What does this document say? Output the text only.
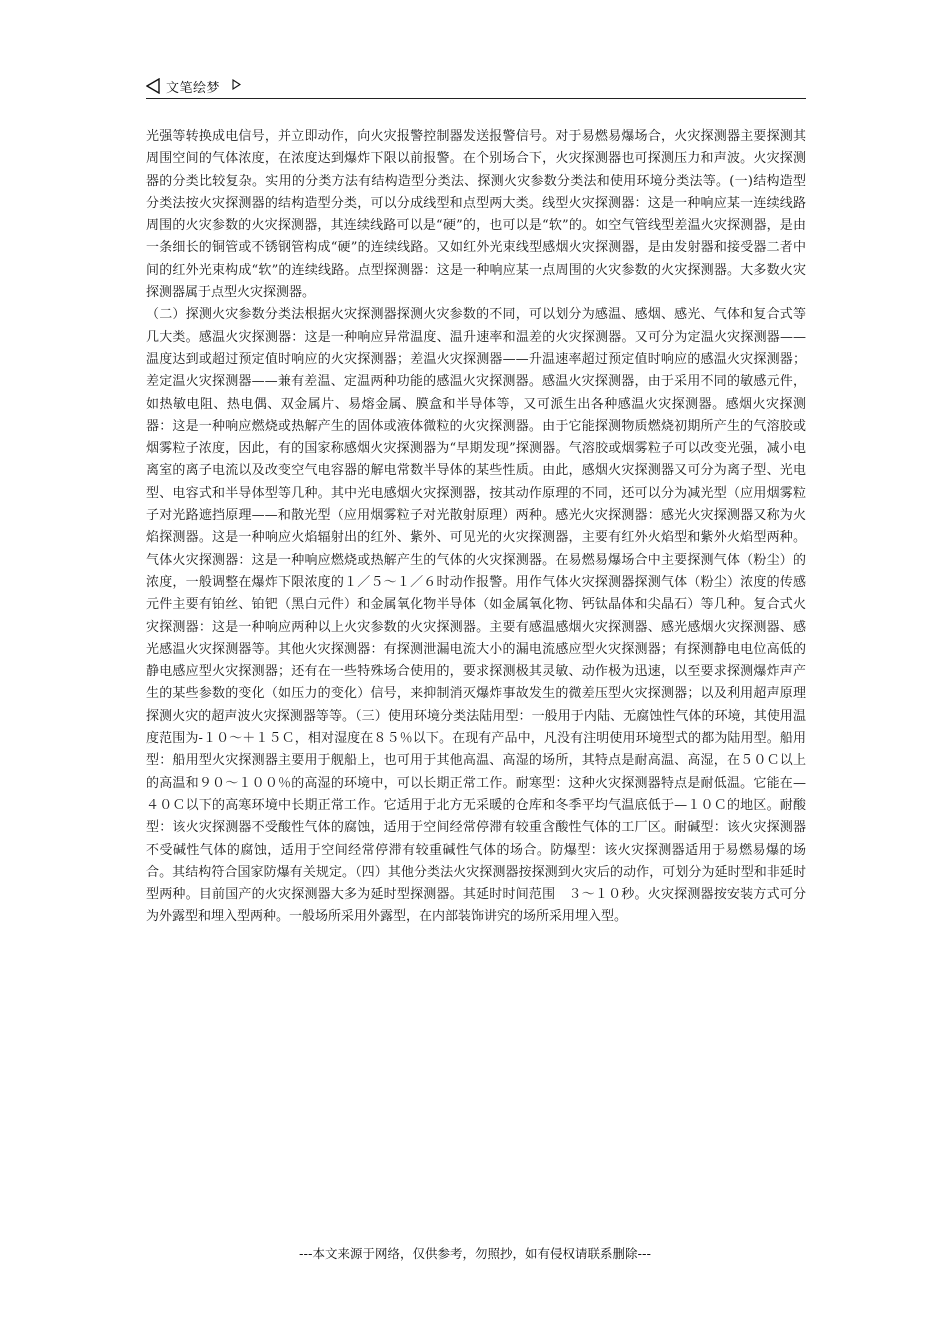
文笔绘梦

光强等转换成电信号，并立即动作，向火灾报警控制器发送报警信号。对于易燃易爆场合，火灾探测器主要探测其周围空间的气体浓度，在浓度达到爆炸下限以前报警。在个别场合下，火灾探测器也可探测压力和声波。火灾探测器的分类比较复杂。实用的分类方法有结构造型分类法、探测火灾参数分类法和使用环境分类法等。(一)结构造型分类法按火灾探测器的结构造型分类，可以分成线型和点型两大类。线型火灾探测器：这是一种响应某一连续线路周围的火灾参数的火灾探测器，其连续线路可以是“硬”的，也可以是“软”的。如空气管线型差温火灾探测器，是由一条细长的铜管或不锈钢管构成“硬”的连续线路。又如红外光束线型感烟火灾探测器，是由发射器和接受器二者中间的红外光束构成“软”的连续线路。点型探测器：这是一种响应某一点周围的火灾参数的火灾探测器。大多数火灾探测器属于点型火灾探测器。

（二）探测火灾参数分类法根据火灾探测器探测火灾参数的不同，可以划分为感温、感烟、感光、气体和复合式等几大类。感温火灾探测器：这是一种响应异常温度、温升速率和温差的火灾探测器。又可分为定温火灾探测器——温度达到或超过预定值时响应的火灾探测器；差温火灾探测器——升温速率超过预定值时响应的感温火灾探测器；差定温火灾探测器——兼有差温、定温两种功能的感温火灾探测器。感温火灾探测器，由于采用不同的敏感元件，如热敏电阻、热电偶、双金属片、易熔金属、膜盒和半导体等，又可派生出各种感温火灾探测器。感烟火灾探测器：这是一种响应燃烧或热解产生的固体或液体微粒的火灾探测器。由于它能探测物质燃烧初期所产生的气溶胶或烟雾粒子浓度，因此，有的国家称感烟火灾探测器为“早期发现”探测器。气溶胶或烟雾粒子可以改变光强，减小电离室的离子电流以及改变空气电容器的解电常数半导体的某些性质。由此，感烟火灾探测器又可分为离子型、光电型、电容式和半导体型等几种。其中光电感烟火灾探测器，按其动作原理的不同，还可以分为减光型（应用烟雾粒子对光路遮挡原理——和散光型（应用烟雾粒子对光散射原理）两种。感光火灾探测器：感光火灾探测器又称为火焰探测器。这是一种响应火焰辐射出的红外、紫外、可见光的火灾探测器，主要有红外火焰型和紫外火焰型两种。气体火灾探测器：这是一种响应燃烧或热解产生的气体的火灾探测器。在易燃易爆场合中主要探测气体（粉尘）的浓度，一般调整在爆炸下限浓度的１／５～１／６时动作报警。用作气体火灾探测器探测气体（粉尘）浓度的传感元件主要有铂丝、铂钯（黑白元件）和金属氧化物半导体（如金属氧化物、钙钛晶体和尖晶石）等几种。复合式火灾探测器：这是一种响应两种以上火灾参数的火灾探测器。主要有感温感烟火灾探测器、感光感烟火灾探测器、感光感温火灾探测器等。其他火灾探测器：有探测泄漏电流大小的漏电流感应型火灾探测器；有探测静电电位高低的静电感应型火灾探测器；还有在一些特殊场合使用的，要求探测极其灵敏、动作极为迅速，以至要求探测爆炸声产生的某些参数的变化（如压力的变化）信号，来抑制消灭爆炸事故发生的微差压型火灾探测器；以及利用超声原理探测火灾的超声波火灾探测器等等。（三）使用环境分类法陆用型：一般用于内陆、无腐蚀性气体的环境，其使用温度范围为-１０～＋１５Ｃ，相对湿度在８５％以下。在现有产品中，凡没有注明使用环境型式的都为陆用型。船用型：船用型火灾探测器主要用于舰船上，也可用于其他高温、高湿的场所，其特点是耐高温、高湿，在５０Ｃ以上的高温和９０～１００％的高湿的环境中，可以长期正常工作。耐寒型：这种火灾探测器特点是耐低温。它能在—４０Ｃ以下的高寒环境中长期正常工作。它适用于北方无采暖的仓库和冬季平均气温底低于—１０Ｃ的地区。耐酸型：该火灾探测器不受酸性气体的腐蚀，适用于空间经常停滞有较重含酸性气体的工厂区。耐碱型：该火灾探测器不受碱性气体的腐蚀，适用于空间经常停滞有较重碱性气体的场合。防爆型：该火灾探测器适用于易燃易爆的场合。其结构符合国家防爆有关规定。（四）其他分类法火灾探测器按探测到火灾后的动作，可划分为延时型和非延时型两种。目前国产的火灾探测器大多为延时型探测器。其延时时间范围　３～１０秒。火灾探测器按安装方式可分为外露型和埋入型两种。一般场所采用外露型，在内部装饰讲究的场所采用埋入型。

---本文来源于网络，仅供参考，勿照抄，如有侵权请联系删除---
